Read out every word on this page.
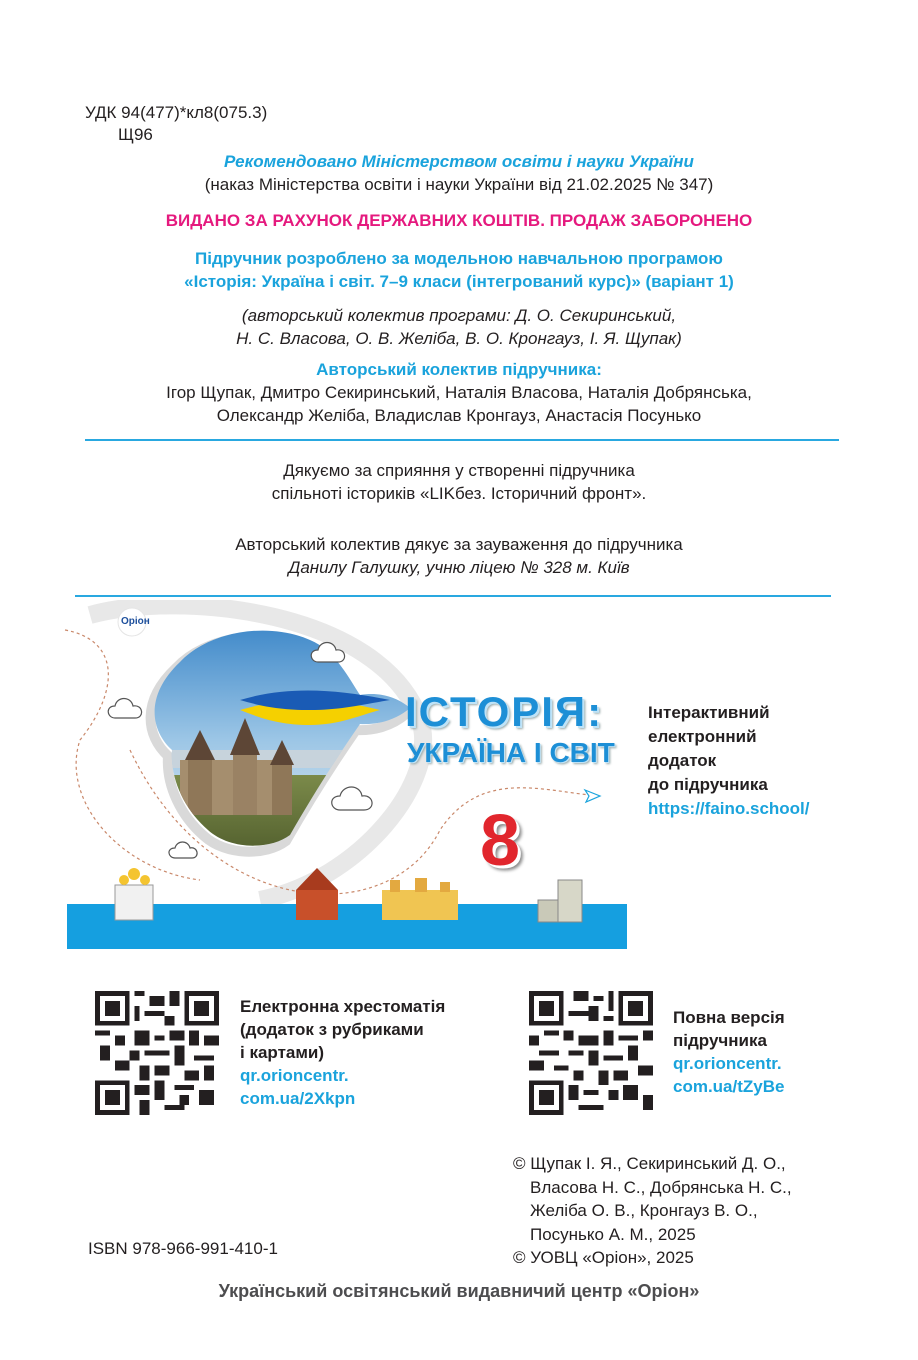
УДК 94(477)*кл8(075.3)
Щ96
Рекомендовано Міністерством освіти і науки України
(наказ Міністерства освіти і науки України від 21.02.2025 № 347)
ВИДАНО ЗА РАХУНОК ДЕРЖАВНИХ КОШТІВ. ПРОДАЖ ЗАБОРОНЕНО
Підручник розроблено за модельною навчальною програмою
«Історія: Україна і світ. 7–9 класи (інтегрований курс)» (варіант 1)
(авторський колектив програми: Д. О. Секиринський,
Н. С. Власова, О. В. Желіба, В. О. Кронгауз, І. Я. Щупак)
Авторський колектив підручника:
Ігор Щупак, Дмитро Секиринський, Наталія Власова, Наталія Добрянська,
Олександр Желіба, Владислав Кронгауз, Анастасія Посунько
Дякуємо за сприяння у створенні підручника
спільноті істориків «LIKбез. Історичний фронт».
Авторський колектив дякує за зауваження до підручника
Данилу Галушку, учню ліцею № 328 м. Київ
Оріон
ІСТОРІЯ:
УКРАЇНА І СВІТ
8
Інтерактивний
електронний
додаток
до підручника
https://faino.school/
Електронна хрестоматія
(додаток з рубриками
і картами)
qr.orioncentr.
com.ua/2Xkpn
Повна версія
підручника
qr.orioncentr.
com.ua/tZyBe
© Щупак І. Я., Секиринський Д. О.,
Власова Н. С., Добрянська Н. С.,
Желіба О. В., Кронгауз В. О.,
Посунько А. М., 2025
© УОВЦ «Оріон», 2025
ISBN 978-966-991-410-1
Український освітянський видавничий центр «Оріон»
